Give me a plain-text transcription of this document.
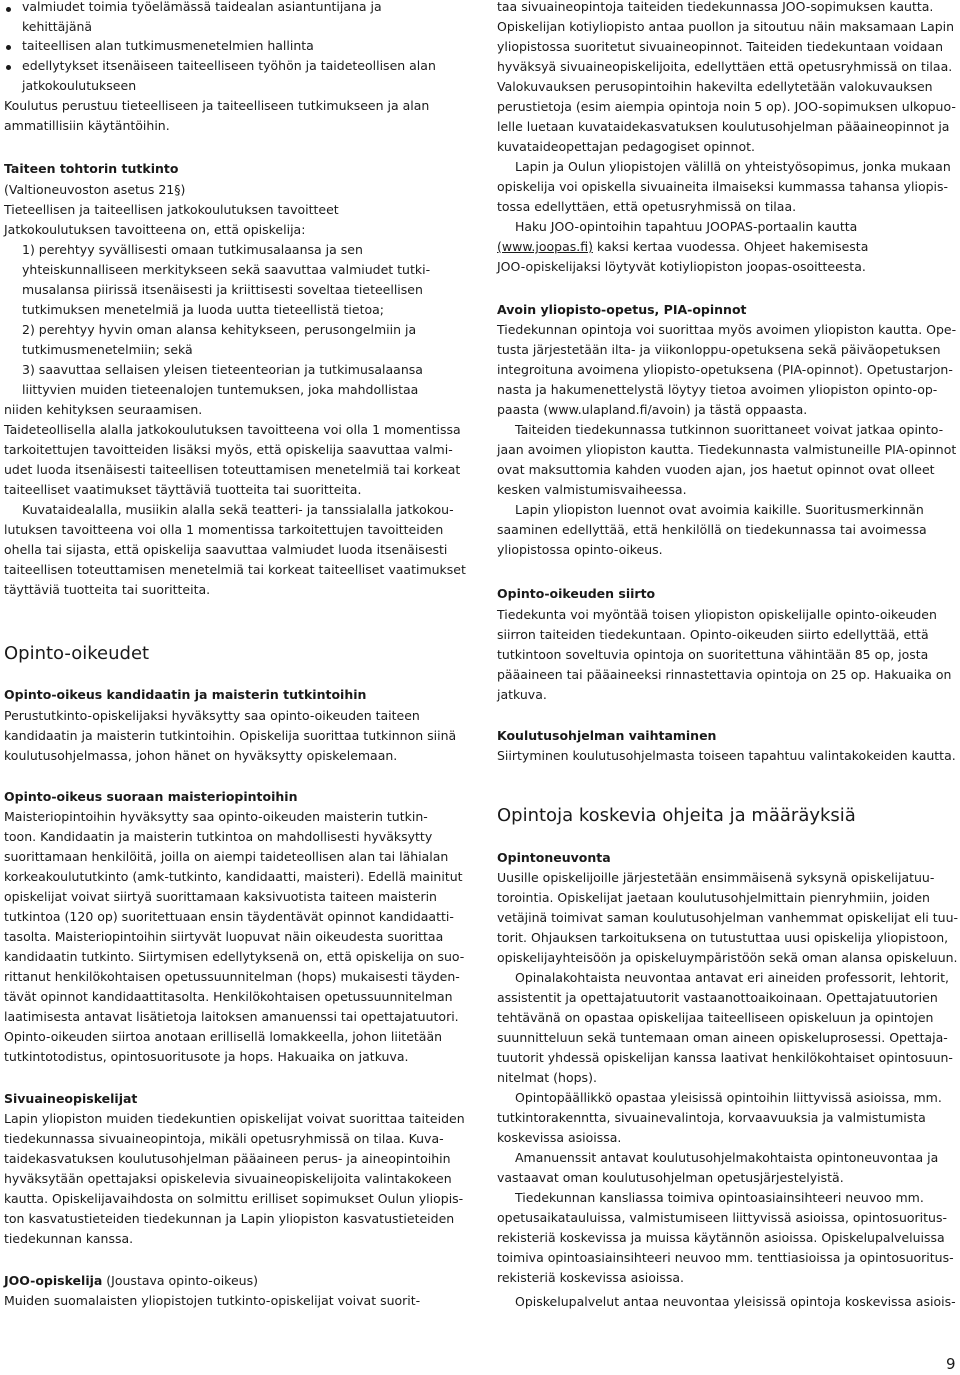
valmiudet toimia työelämässä taidealan asiantuntijana ja
kehittäjänä
taiteellisen alan tutkimusmenetelmien hallinta
edellytykset itsenäiseen taiteelliseen työhön ja taideteollisen alan
jatkokoulutukseen
Koulutus perustuu tieteelliseen ja taiteelliseen tutkimukseen ja alan
ammatillisiin käytäntöihin.
Taiteen tohtorin tutkinto
(Valtioneuvoston asetus 21§)
Tieteellisen ja taiteellisen jatkokoulutuksen tavoitteet
Jatkokoulutuksen tavoitteena on, että opiskelija:
1) perehtyy syvällisesti omaan tutkimusalaansa ja sen
yhteiskunnalliseen merkitykseen sekä saavuttaa valmiudet tutki-
musalansa piirissä itsenäisesti ja kriittisesti soveltaa tieteellisen
tutkimuksen menetelmiä ja luoda uutta tieteellistä tietoa;
2) perehtyy hyvin oman alansa kehitykseen, perusongelmiin ja
tutkimusmenetelmiin; sekä
3) saavuttaa sellaisen yleisen tieteenteorian ja tutkimusalaansa
liittyvien muiden tieteenalojen tuntemuksen, joka mahdollistaa
niiden kehityksen seuraamisen.
Taideteollisella alalla jatkokoulutuksen tavoitteena voi olla 1 momentissa
tarkoitettujen tavoitteiden lisäksi myös, että opiskelija saavuttaa valmi-
udet luoda itsenäisesti taiteellisen toteuttamisen menetelmiä tai korkeat
taiteelliset vaatimukset täyttäviä tuotteita tai suoritteita.
Kuvataidealalla, musiikin alalla sekä teatteri- ja tanssialalla jatkokou-
lutuksen tavoitteena voi olla 1 momentissa tarkoitettujen tavoitteiden
ohella tai sijasta, että opiskelija saavuttaa valmiudet luoda itsenäisesti
taiteellisen toteuttamisen menetelmiä tai korkeat taiteelliset vaatimukset
täyttäviä tuotteita tai suoritteita.
Opinto-oikeudet
Opinto-oikeus kandidaatin ja maisterin tutkintoihin
Perustutkinto-opiskelijaksi hyväksytty saa opinto-oikeuden taiteen
kandidaatin ja maisterin tutkintoihin. Opiskelija suorittaa tutkinnon siinä
koulutusohjelmassa, johon hänet on hyväksytty opiskelemaan.
Opinto-oikeus suoraan maisteriopintoihin
Maisteriopintoihin hyväksytty saa opinto-oikeuden maisterin tutkin-
toon. Kandidaatin ja maisterin tutkintoa on mahdollisesti hyväksytty
suorittamaan henkilöitä, joilla on aiempi taideteollisen alan tai lähialan
korkeakoulututkinto (amk-tutkinto, kandidaatti, maisteri). Edellä mainitut
opiskelijat voivat siirtyä suorittamaan kaksivuotista taiteen maisterin
tutkintoa (120 op) suoritettuaan ensin täydentävät opinnot kandidaatti-
tasolta. Maisteriopintoihin siirtyvät luopuvat näin oikeudesta suorittaa
kandidaatin tutkinto. Siirtymisen edellytyksenä on, että opiskelija on suo-
rittanut henkilökohtaisen opetussuunnitelman (hops) mukaisesti täyden-
tävät opinnot kandidaattitasolta. Henkilökohtaisen opetussuunnitelman
laatimisesta antavat lisätietoja laitoksen amanuenssi tai opettajatuutori.
Opinto-oikeuden siirtoa anotaan erillisellä lomakkeella, johon liitetään
tutkintotodistus, opintosuoritusote ja hops. Hakuaika on jatkuva.
Sivuaineopiskelijat
Lapin yliopiston muiden tiedekuntien opiskelijat voivat suorittaa taiteiden
tiedekunnassa sivuaineopintoja, mikäli opetusryhmissä on tilaa. Kuva-
taidekasvatuksen koulutusohjelman pääaineen perus- ja aineopintoihin
hyväksytään opettajaksi opiskelevia sivuaineopiskelijoita valintakokeen
kautta. Opiskelijavaihdosta on solmittu erilliset sopimukset Oulun yliopis-
ton kasvatustieteiden tiedekunnan ja Lapin yliopiston kasvatustieteiden
tiedekunnan kanssa.
JOO-opiskelija (Joustava opinto-oikeus)
Muiden suomalaisten yliopistojen tutkinto-opiskelijat voivat suorit-
taa sivuaineopintoja taiteiden tiedekunnassa JOO-sopimuksen kautta.
Opiskelijan kotiyliopisto antaa puollon ja sitoutuu näin maksamaan Lapin
yliopistossa suoritetut sivuaineopinnot. Taiteiden tiedekuntaan voidaan
hyväksyä sivuaineopiskelijoita, edellyttäen että opetusryhmissä on tilaa.
Valokuvauksen perusopintoihin hakevilta edellytetään valokuvauksen
perustietoja (esim aiempia opintoja noin 5 op). JOO-sopimuksen ulkopuo-
lelle luetaan kuvataidekasvatuksen koulutusohjelman pääaineopinnot ja
kuvataideopettajan pedagogiset opinnot.
Lapin ja Oulun yliopistojen välillä on yhteistyösopimus, jonka mukaan
opiskelija voi opiskella sivuaineita ilmaiseksi kummassa tahansa yliopis-
tossa edellyttäen, että opetusryhmissä on tilaa.
Haku JOO-opintoihin tapahtuu JOOPAS-portaalin kautta
(www.joopas.fi) kaksi kertaa vuodessa. Ohjeet hakemisesta
JOO-opiskelijaksi löytyvät kotiyliopiston joopas-osoitteesta.
Avoin yliopisto-opetus, PIA-opinnot
Tiedekunnan opintoja voi suorittaa myös avoimen yliopiston kautta. Ope-
tusta järjestetään ilta- ja viikonloppu-opetuksena sekä päiväopetuksen
integroituna avoimena yliopisto-opetuksena (PIA-opinnot). Opetustarjon-
nasta ja hakumenettelystä löytyy tietoa avoimen yliopiston opinto-op-
paasta (www.ulapland.fi/avoin) ja tästä oppaasta.
Taiteiden tiedekunnassa tutkinnon suorittaneet voivat jatkaa opinto-
jaan avoimen yliopiston kautta. Tiedekunnasta valmistuneille PIA-opinnot
ovat maksuttomia kahden vuoden ajan, jos haetut opinnot ovat olleet
kesken valmistumisvaiheessa.
Lapin yliopiston luennot ovat avoimia kaikille. Suoritusmerkinnän
saaminen edellyttää, että henkilöllä on tiedekunnassa tai avoimessa
yliopistossa opinto-oikeus.
Opinto-oikeuden siirto
Tiedekunta voi myöntää toisen yliopiston opiskelijalle opinto-oikeuden
siirron taiteiden tiedekuntaan. Opinto-oikeuden siirto edellyttää, että
tutkintoon soveltuvia opintoja on suoritettuna vähintään 85 op, josta
pääaineen tai pääaineeksi rinnastettavia opintoja on 25 op. Hakuaika on
jatkuva.
Koulutusohjelman vaihtaminen
Siirtyminen koulutusohjelmasta toiseen tapahtuu valintakokeiden kautta.
Opintoja koskevia ohjeita ja määräyksiä
Opintoneuvonta
Uusille opiskelijoille järjestetään ensimmäisenä syksynä opiskelijatuu-
torointia. Opiskelijat jaetaan koulutusohjelmittain pienryhmiin, joiden
vetäjinä toimivat saman koulutusohjelman vanhemmat opiskelijat eli tuu-
torit. Ohjauksen tarkoituksena on tutustuttaa uusi opiskelija yliopistoon,
opiskelijayhteisöön ja opiskeluympäristöön sekä oman alansa opiskeluun.
Opinalakohtaista neuvontaa antavat eri aineiden professorit, lehtorit,
assistentit ja opettajatuutorit vastaanottoaikoinaan. Opettajatuutorien
tehtävänä on opastaa opiskelijaa taiteelliseen opiskeluun ja opintojen
suunnitteluun sekä tuntemaan oman aineen opiskeluprosessi. Opettaja-
tuutorit yhdessä opiskelijan kanssa laativat henkilökohtaiset opintosuun-
nitelmat (hops).
Opintopäällikkö opastaa yleisissä opintoihin liittyvissä asioissa, mm.
tutkintorakenntta, sivuainevalintoja, korvaavuuksia ja valmistumista
koskevissa asioissa.
Amanuenssit antavat koulutusohjelmakohtaista opintoneuvontaa ja
vastaavat oman koulutusohjelman opetusjärjestelyistä.
Tiedekunnan kansliassa toimiva opintoasiainsihteeri neuvoo mm.
opetusaikatauluissa, valmistumiseen liittyvissä asioissa, opintosuoritus-
rekisteriä koskevissa ja muissa käytännön asioissa. Opiskelupalveluissa
toimiva opintoasiainsihteeri neuvoo mm. tenttiasioissa ja opintosuoritus-
rekisteriä koskevissa asioissa.
Opiskelupalvelut antaa neuvontaa yleisissä opintoja koskevissa asiois-
9
